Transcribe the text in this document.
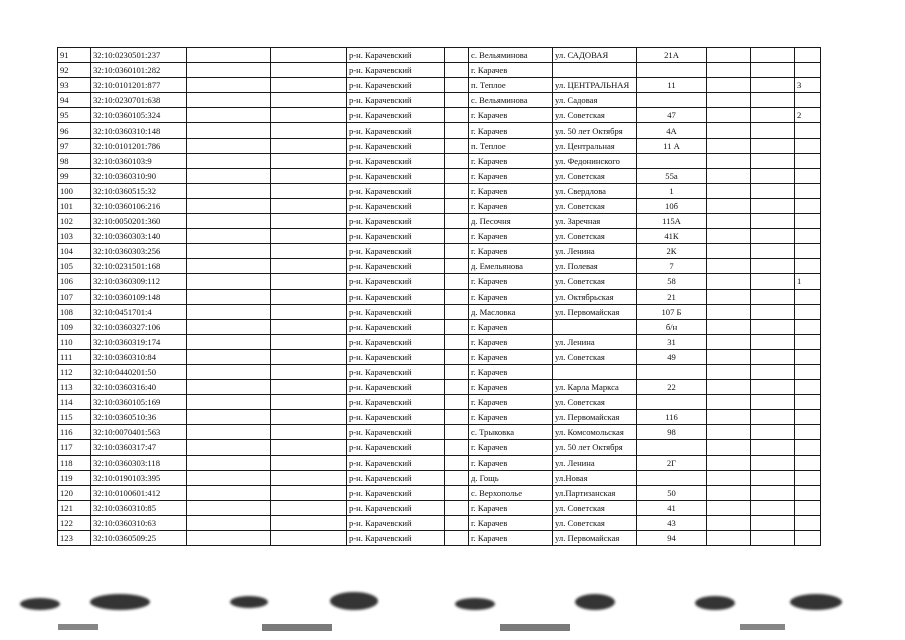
91	32:10:0230501:237			р-н. Карачевский		с. Вельяминова	ул. САДОВАЯ	21А			
92	32:10:0360101:282			р-н. Карачевский		г. Карачев					
93	32:10:0101201:877			р-н. Карачевский		п. Теплое	ул. ЦЕНТРАЛЬНАЯ	11			3
94	32:10:0230701:638			р-н. Карачевский		с. Вельяминова	ул. Садовая				
95	32:10:0360105:324			р-н. Карачевский		г. Карачев	ул. Советская	47			2
96	32:10:0360310:148			р-н. Карачевский		г. Карачев	ул. 50 лет Октября	4А			
97	32:10:0101201:786			р-н. Карачевский		п. Теплое	ул. Центральная	11 А			
98	32:10:0360103:9			р-н. Карачевский		г. Карачев	ул. Федонинского				
99	32:10:0360310:90			р-н. Карачевский		г. Карачев	ул. Советская	55а			
100	32:10:0360515:32			р-н. Карачевский		г. Карачев	ул. Свердлова	1			
101	32:10:0360106:216			р-н. Карачевский		г. Карачев	ул. Советская	10б			
102	32:10:0050201:360			р-н. Карачевский		д. Песочня	ул. Заречная	115А			
103	32:10:0360303:140			р-н. Карачевский		г. Карачев	ул. Советская	41К			
104	32:10:0360303:256			р-н. Карачевский		г. Карачев	ул. Ленина	2К			
105	32:10:0231501:168			р-н. Карачевский		д. Емельянова	ул. Полевая	7			
106	32:10:0360309:112			р-н. Карачевский		г. Карачев	ул. Советская	58			1
107	32:10:0360109:148			р-н. Карачевский		г. Карачев	ул. Октябрьская	21			
108	32:10:0451701:4			р-н. Карачевский		д. Масловка	ул. Первомайская	107 Б			
109	32:10:0360327:106			р-н. Карачевский		г. Карачев		б/н			
110	32:10:0360319:174			р-н. Карачевский		г. Карачев	ул. Ленина	31			
111	32:10:0360310:84			р-н. Карачевский		г. Карачев	ул. Советская	49			
112	32:10:0440201:50			р-н. Карачевский		г. Карачев					
113	32:10:0360316:40			р-н. Карачевский		г. Карачев	ул. Карла Маркса	22			
114	32:10:0360105:169			р-н. Карачевский		г. Карачев	ул. Советская				
115	32:10:0360510:36			р-н. Карачевский		г. Карачев	ул. Первомайская	116			
116	32:10:0070401:563			р-н. Карачевский		с. Трыковка	ул. Комсомольская	98			
117	32:10:0360317:47			р-н. Карачевский		г. Карачев	ул. 50 лет Октября				
118	32:10:0360303:118			р-н. Карачевский		г. Карачев	ул. Ленина	2Г			
119	32:10:0190103:395			р-н. Карачевский		д. Гощь	ул.Новая				
120	32:10:0100601:412			р-н. Карачевский		с. Верхополье	ул.Партизанская	50			
121	32:10:0360310:85			р-н. Карачевский		г. Карачев	ул. Советская	41			
122	32:10:0360310:63			р-н. Карачевский		г. Карачев	ул. Советская	43			
123	32:10:0360509:25			р-н. Карачевский		г. Карачев	ул. Первомайская	94			
